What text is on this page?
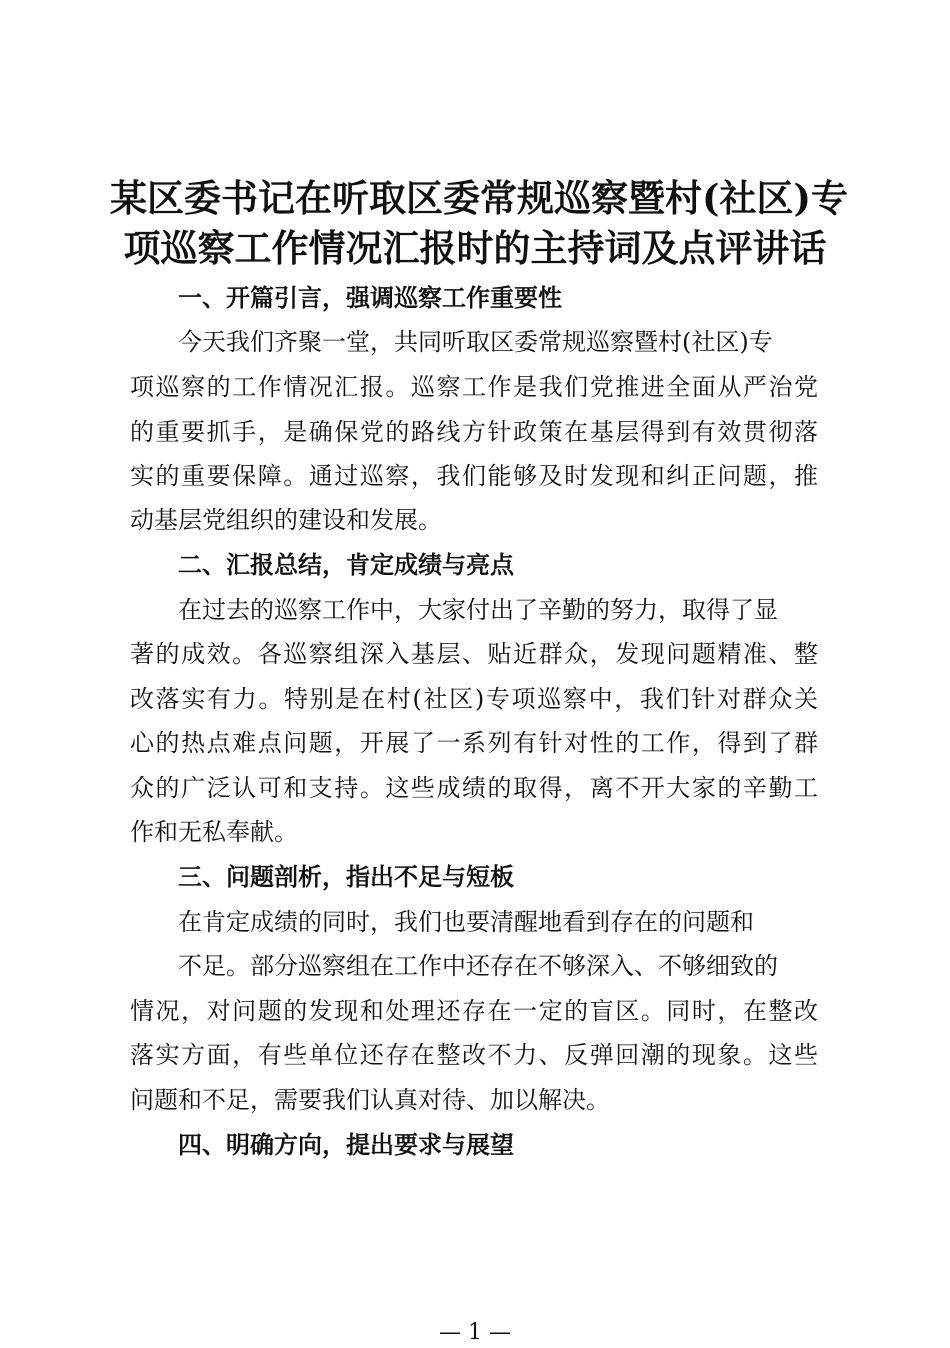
某区委书记在听取区委常规巡察暨村(社区)专
项巡察工作情况汇报时的主持词及点评讲话
一、开篇引言，强调巡察工作重要性

今天我们齐聚一堂，共同听取区委常规巡察暨村(社区)专

项巡察的工作情况汇报。巡察工作是我们党推进全面从严治党

的重要抓手，是确保党的路线方针政策在基层得到有效贯彻落

实的重要保障。通过巡察，我们能够及时发现和纠正问题，推

动基层党组织的建设和发展。

二、汇报总结，肯定成绩与亮点

在过去的巡察工作中，大家付出了辛勤的努力，取得了显

著的成效。各巡察组深入基层、贴近群众，发现问题精准、整

改落实有力。特别是在村(社区)专项巡察中，我们针对群众关

心的热点难点问题，开展了一系列有针对性的工作，得到了群

众的广泛认可和支持。这些成绩的取得，离不开大家的辛勤工

作和无私奉献。

三、问题剖析，指出不足与短板

在肯定成绩的同时，我们也要清醒地看到存在的问题和

不足。部分巡察组在工作中还存在不够深入、不够细致的

情况，对问题的发现和处理还存在一定的盲区。同时，在整改

落实方面，有些单位还存在整改不力、反弹回潮的现象。这些

问题和不足，需要我们认真对待、加以解决。

四、明确方向，提出要求与展望
— 1 —
